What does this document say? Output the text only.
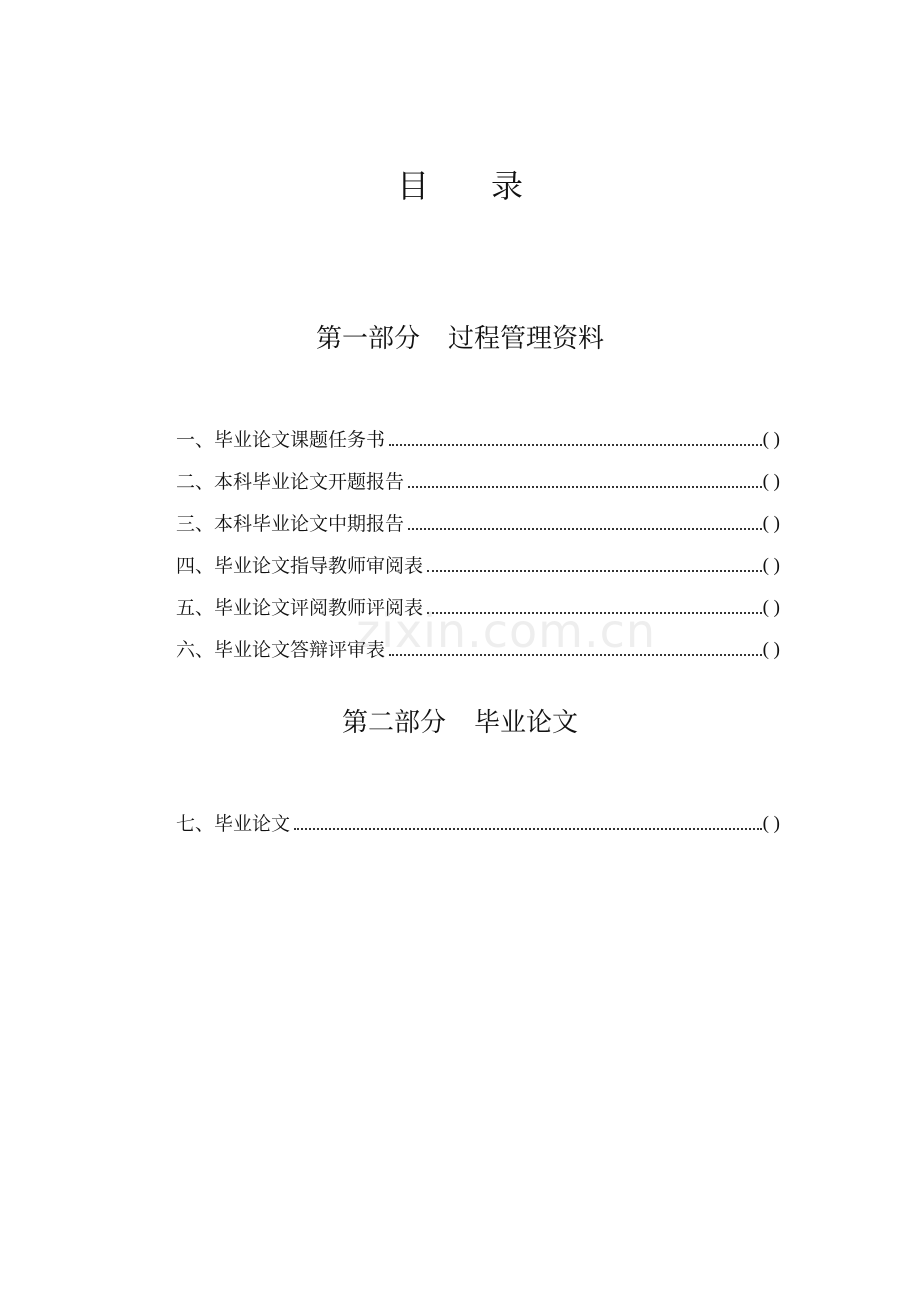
目 录
第一部分 过程管理资料
一、毕业论文课题任务书	( )
二、本科毕业论文开题报告	( )
三、本科毕业论文中期报告	( )
四、毕业论文指导教师审阅表	( )
五、毕业论文评阅教师评阅表	( )
六、毕业论文答辩评审表	( )
第二部分 毕业论文
七、毕业论文	( )
zixin.com.cn
